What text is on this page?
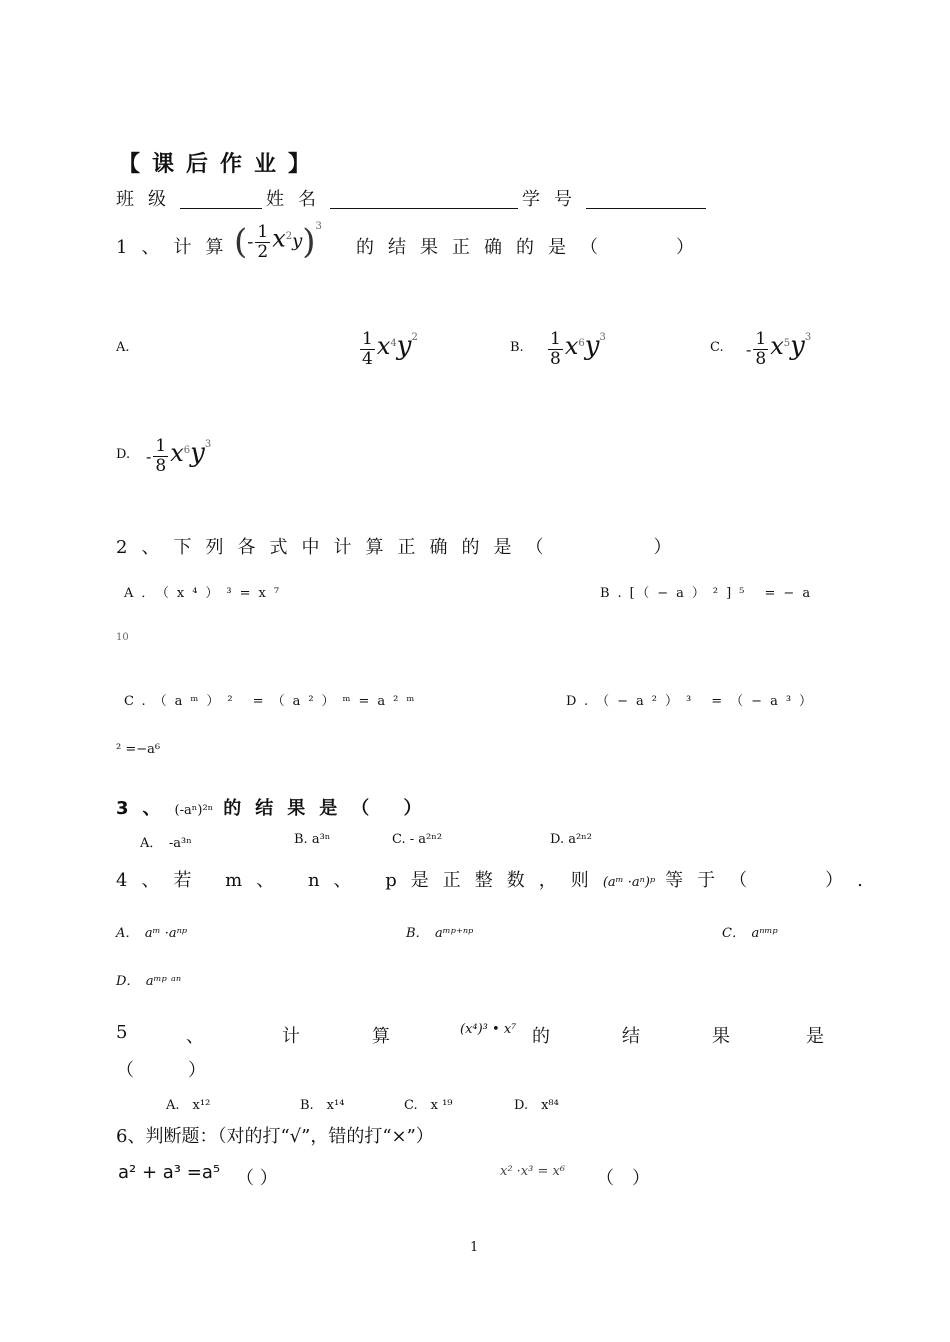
【课后作业】
班级	姓名	学号
1、计算
(- $\frac{1}{2} x^2y)^3$
的结果正确的是（　　）
A.	$\frac{1}{4} x^4y^2$
B. $\frac{1}{8} x^6y^3$
C. - $\frac{1}{8} x^5y^3$
D. - $\frac{1}{8} x^6y^3$
2、下列各式中计算正确的是（　　　）
A．（x⁴）³=x⁷	B.[（−a）²]⁵ =−a
10
C.（aᵐ）² =（a²）ᵐ=a²ᵐ	D.（−a²）³ =（−a³）
² =−a⁶
3、(-aⁿ)²ⁿ 的结果是（ ）
A．　-a³ⁿ	B. a³ⁿ	C. - a²ⁿ²	D. a²ⁿ²
4、若 m、 n、 p是正整数，则(aᵐ ·aⁿ)ᵖ 等于（　　）.
A．　aᵐ ·aⁿᵖ	B．　aᵐᵖ⁺ⁿᵖ	C．　aⁿᵐᵖ
D．　aᵐᵖ ᵃⁿ
5	、	计	算	(x⁴)³ • x⁷ 的	结	果	是
（　　　）
A.　x¹²	B.　x¹⁴	C.　x ¹⁹	D.　x⁸⁴
6、判断题：（对的打“√”，错的打“×”）
a² + a³ =a⁵ （ ）	x² ·x³ = x⁶ （　）
1
